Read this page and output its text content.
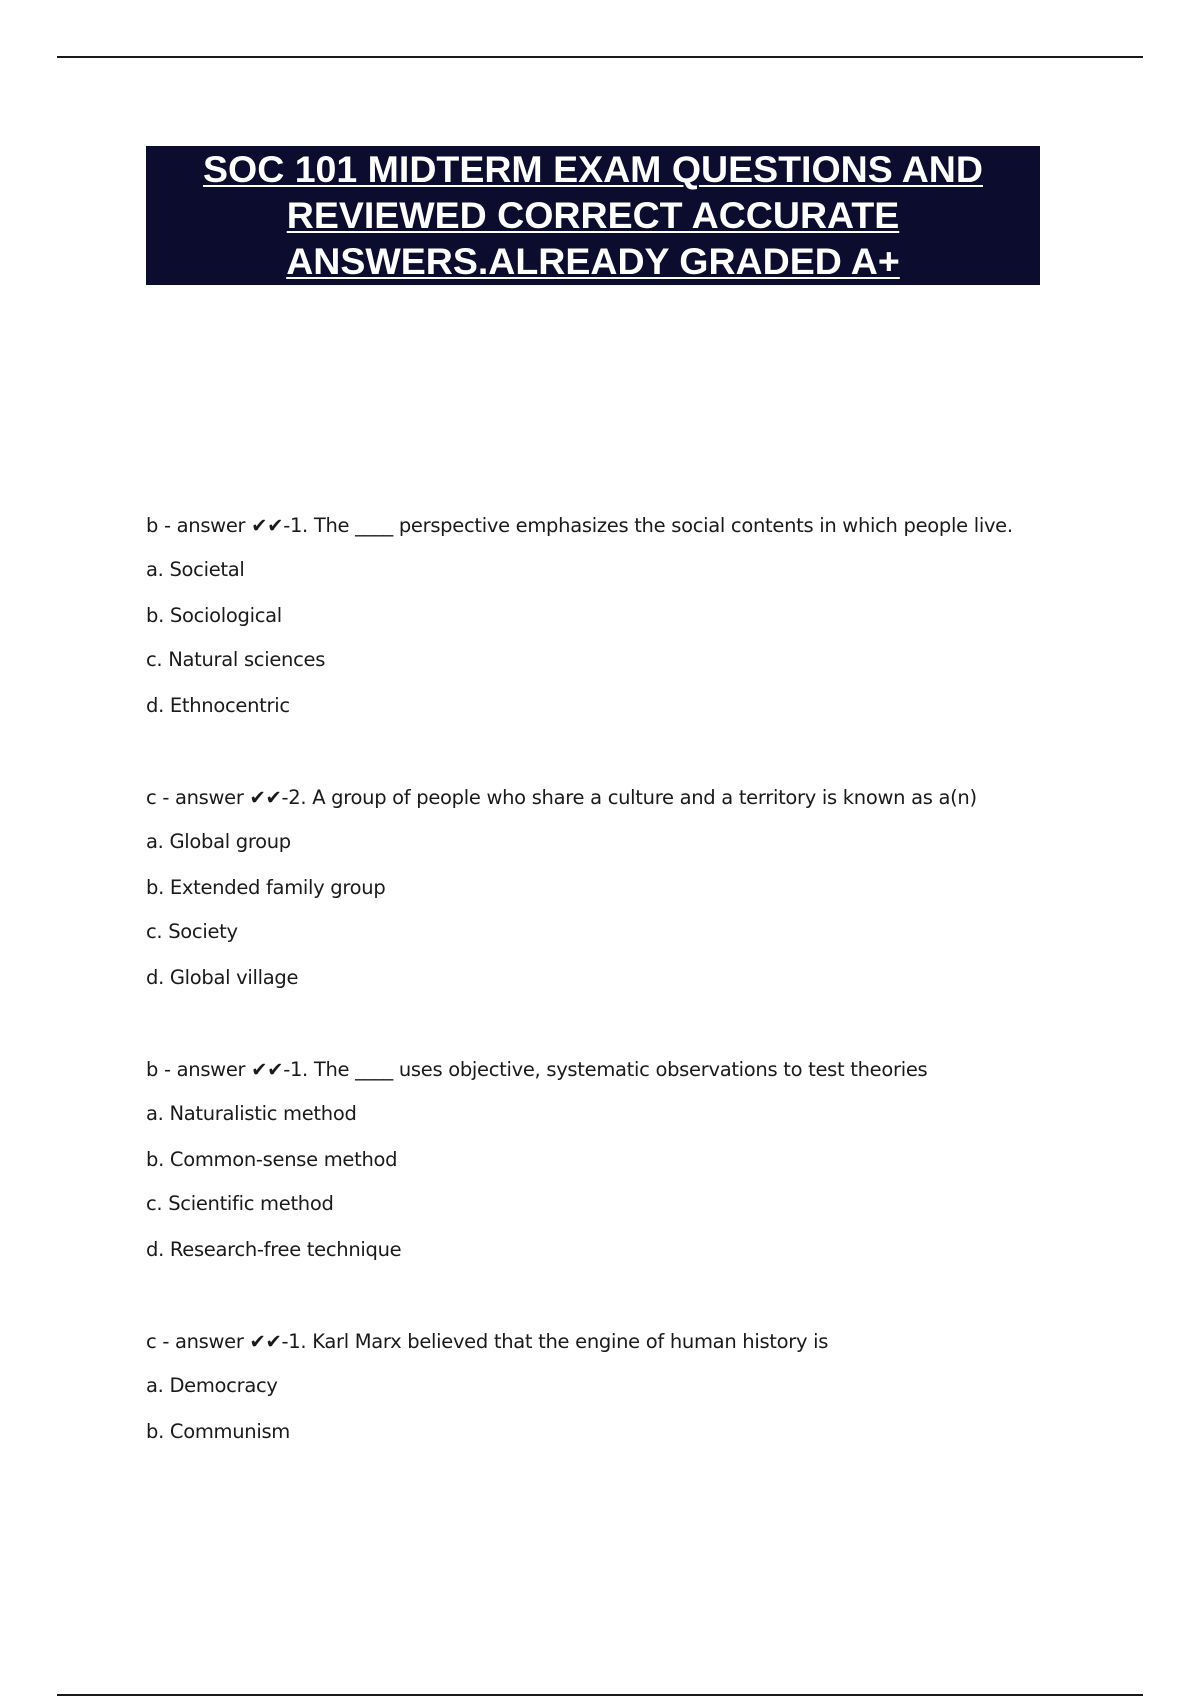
SOC 101 MIDTERM EXAM QUESTIONS AND
REVIEWED CORRECT ACCURATE
ANSWERS.ALREADY GRADED A+
b - answer ✔✔-1. The ____ perspective emphasizes the social contents in which people live.
a. Societal
b. Sociological
c. Natural sciences
d. Ethnocentric
c - answer ✔✔-2. A group of people who share a culture and a territory is known as a(n)
a. Global group
b. Extended family group
c. Society
d. Global village
b - answer ✔✔-1. The ____ uses objective, systematic observations to test theories
a. Naturalistic method
b. Common-sense method
c. Scientific method
d. Research-free technique
c - answer ✔✔-1. Karl Marx believed that the engine of human history is
a. Democracy
b. Communism
